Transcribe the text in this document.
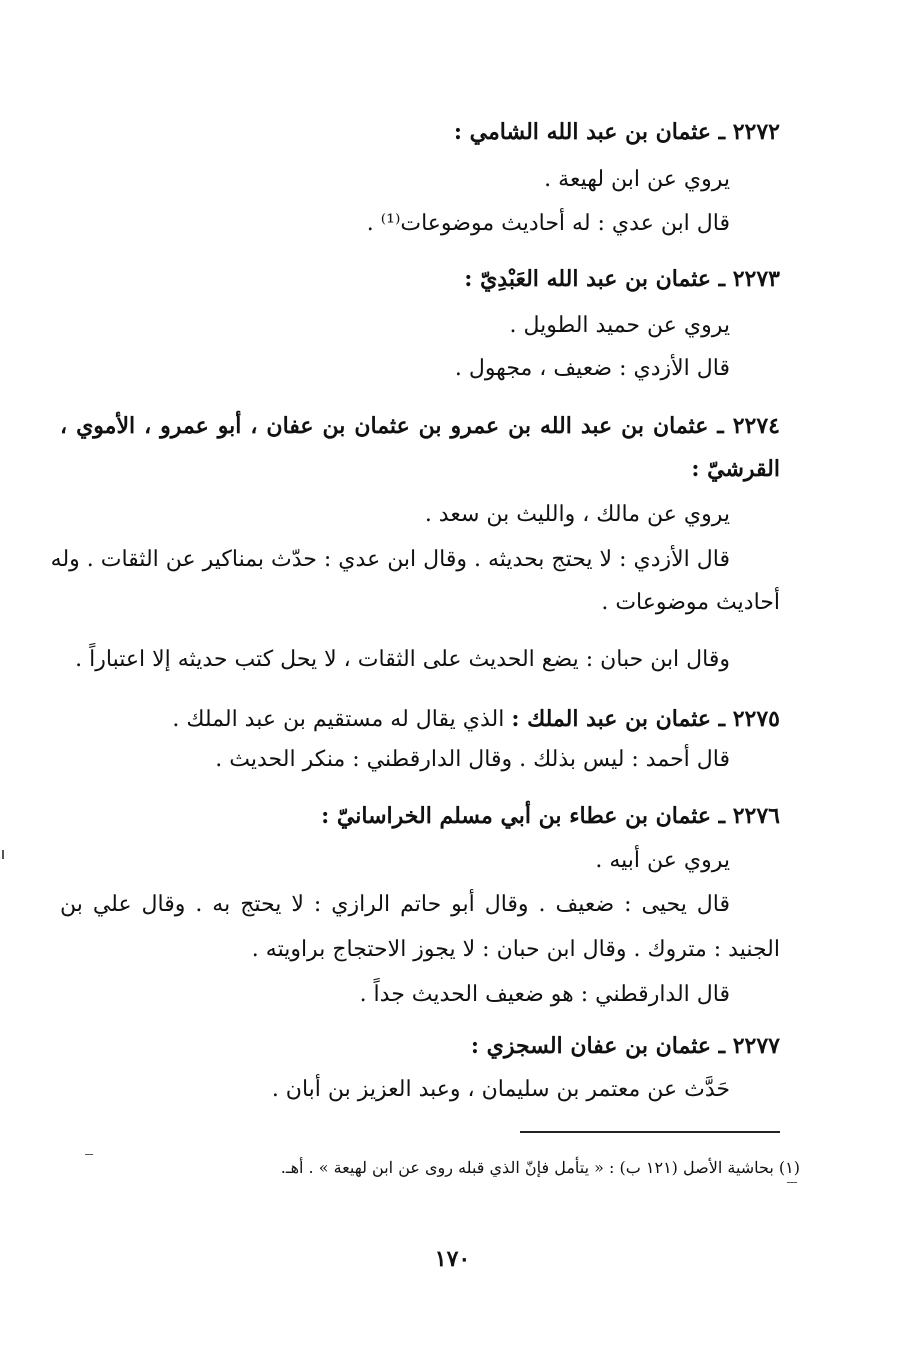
٢٢٧٢ ـ عثمان بن عبد الله الشامي :
يروي عن ابن لهيعة .
قال ابن عدي : له أحاديث موضوعات⁽¹⁾ .
٢٢٧٣ ـ عثمان بن عبد الله العَبْدِيّ :
يروي عن حميد الطويل .
قال الأزدي : ضعيف ، مجهول .
٢٢٧٤ ـ عثمان بن عبد الله بن عمرو بن عثمان بن عفان ، أبو عمرو ، الأموي ،
القرشيّ :
يروي عن مالك ، والليث بن سعد .
قال الأزدي : لا يحتج بحديثه . وقال ابن عدي : حدّث بمناكير عن الثقات . وله
أحاديث موضوعات .
وقال ابن حبان : يضع الحديث على الثقات ، لا يحل كتب حديثه إلا اعتباراً .
٢٢٧٥ ـ عثمان بن عبد الملك : الذي يقال له مستقيم بن عبد الملك .
قال أحمد : ليس بذلك . وقال الدارقطني : منكر الحديث .
٢٢٧٦ ـ عثمان بن عطاء بن أبي مسلم الخراسانيّ :
يروي عن أبيه .
قال يحيى : ضعيف . وقال أبو حاتم الرازي : لا يحتج به . وقال علي بن
الجنيد : متروك . وقال ابن حبان : لا يجوز الاحتجاج براويته .
قال الدارقطني : هو ضعيف الحديث جداً .
٢٢٧٧ ـ عثمان بن عفان السجزي :
حَدَّث عن معتمر بن سليمان ، وعبد العزيز بن أبان .
(١) بحاشية الأصل (١٢١ ب) : « يتأمل فإنّ الذي قبله روى عن ابن لهيعة » . أهـ.
١٧٠
